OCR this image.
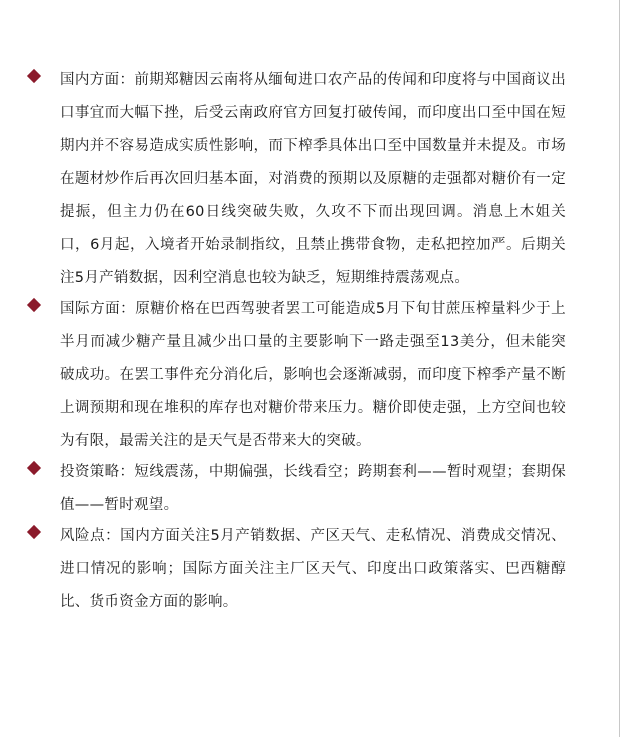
国内方面：前期郑糖因云南将从缅甸进口农产品的传闻和印度将与中国商议出口事宜而大幅下挫，后受云南政府官方回复打破传闻，而印度出口至中国在短期内并不容易造成实质性影响，而下榨季具体出口至中国数量并未提及。市场在题材炒作后再次回归基本面，对消费的预期以及原糖的走强都对糖价有一定提振，但主力仍在60日线突破失败，久攻不下而出现回调。消息上木姐关口，6月起，入境者开始录制指纹，且禁止携带食物，走私把控加严。后期关注5月产销数据，因利空消息也较为缺乏，短期维持震荡观点。
国际方面：原糖价格在巴西驾驶者罢工可能造成5月下旬甘蔗压榨量料少于上半月而减少糖产量且减少出口量的主要影响下一路走强至13美分，但未能突破成功。在罢工事件充分消化后，影响也会逐渐减弱，而印度下榨季产量不断上调预期和现在堆积的库存也对糖价带来压力。糖价即使走强，上方空间也较为有限，最需关注的是天气是否带来大的突破。
投资策略：短线震荡，中期偏强，长线看空；跨期套利——暂时观望；套期保值——暂时观望。
风险点：国内方面关注5月产销数据、产区天气、走私情况、消费成交情况、进口情况的影响；国际方面关注主厂区天气、印度出口政策落实、巴西糖醇比、货币资金方面的影响。
